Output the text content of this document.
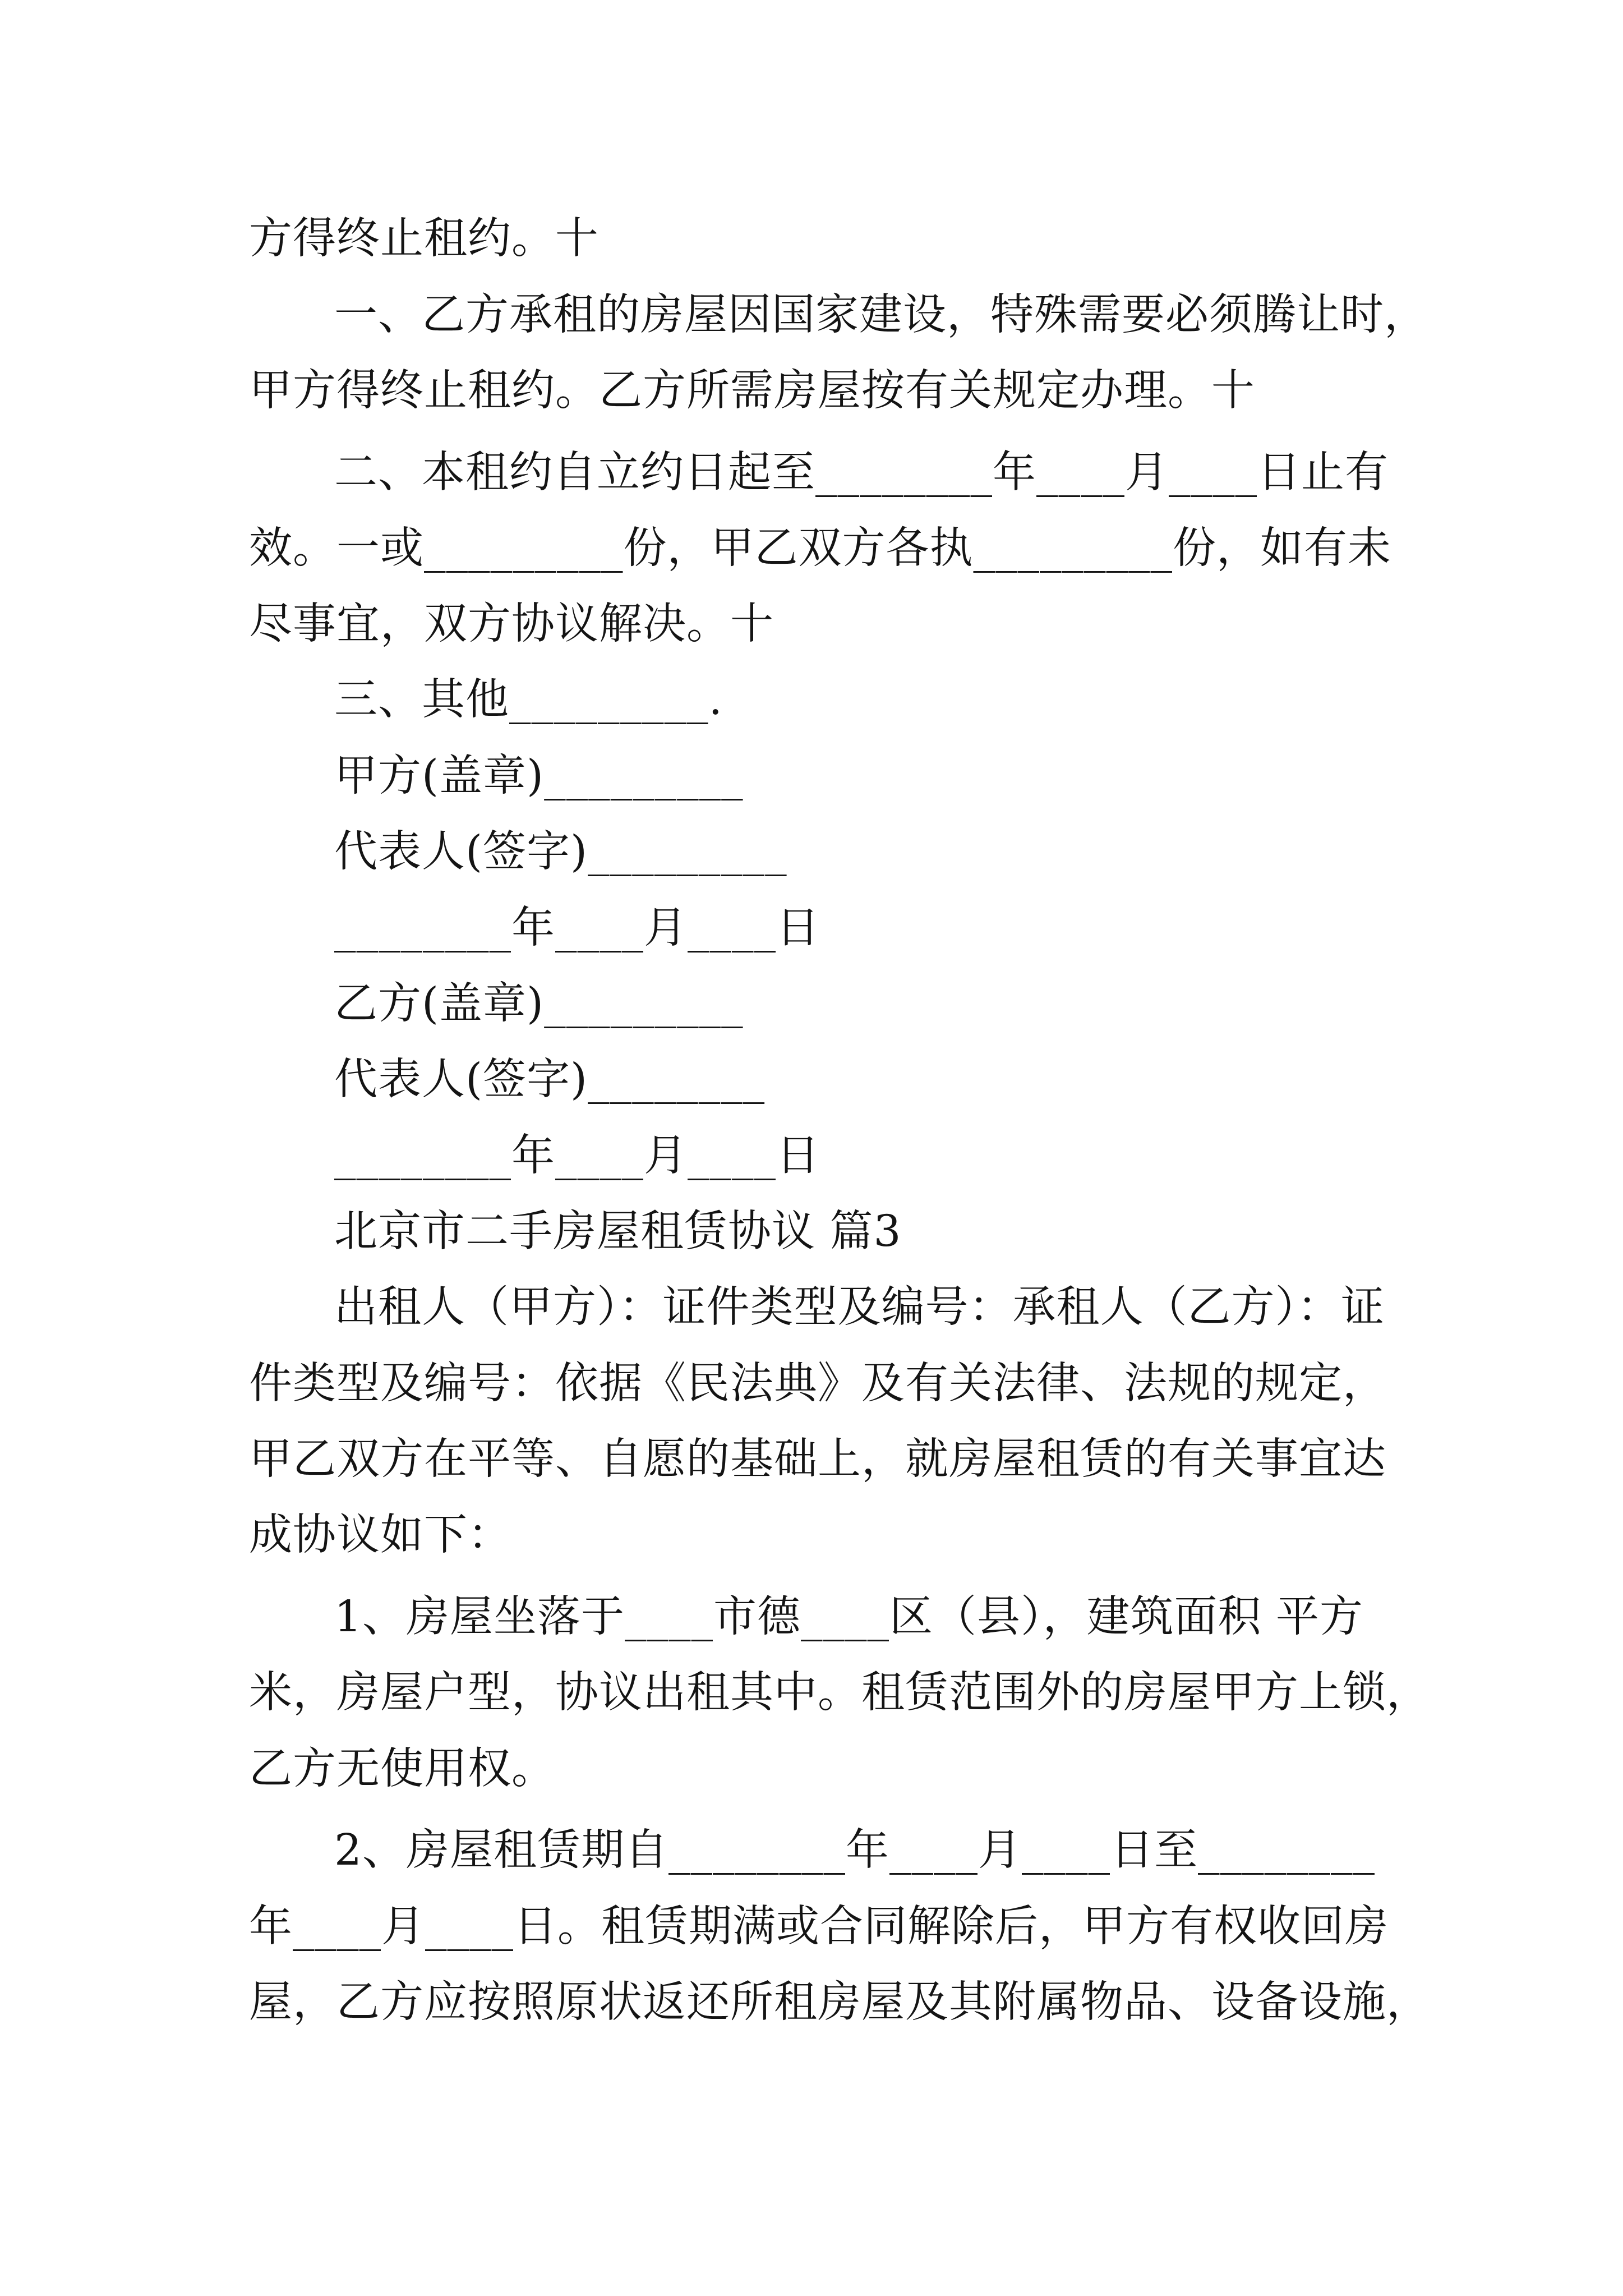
方得终止租约。十
一、乙方承租的房屋因国家建设，特殊需要必须腾让时，
甲方得终止租约。乙方所需房屋按有关规定办理。十
二、本租约自立约日起至________年____月____日止有
效。一或_________份，甲乙双方各执_________份，如有未
尽事宜，双方协议解决。十
三、其他_________.
甲方(盖章)_________
代表人(签字)_________
________年____月____日
乙方(盖章)_________
代表人(签字)________
________年____月____日
北京市二手房屋租赁协议 篇3
出租人（甲方）：证件类型及编号：承租人（乙方）：证
件类型及编号：依据《民法典》及有关法律、法规的规定，
甲乙双方在平等、自愿的基础上，就房屋租赁的有关事宜达
成协议如下：
1、房屋坐落于____市德____区（县），建筑面积 平方
米，房屋户型，协议出租其中。租赁范围外的房屋甲方上锁，
乙方无使用权。
2、房屋租赁期自________年____月____日至________
年____月____日。租赁期满或合同解除后，甲方有权收回房
屋，乙方应按照原状返还所租房屋及其附属物品、设备设施，
